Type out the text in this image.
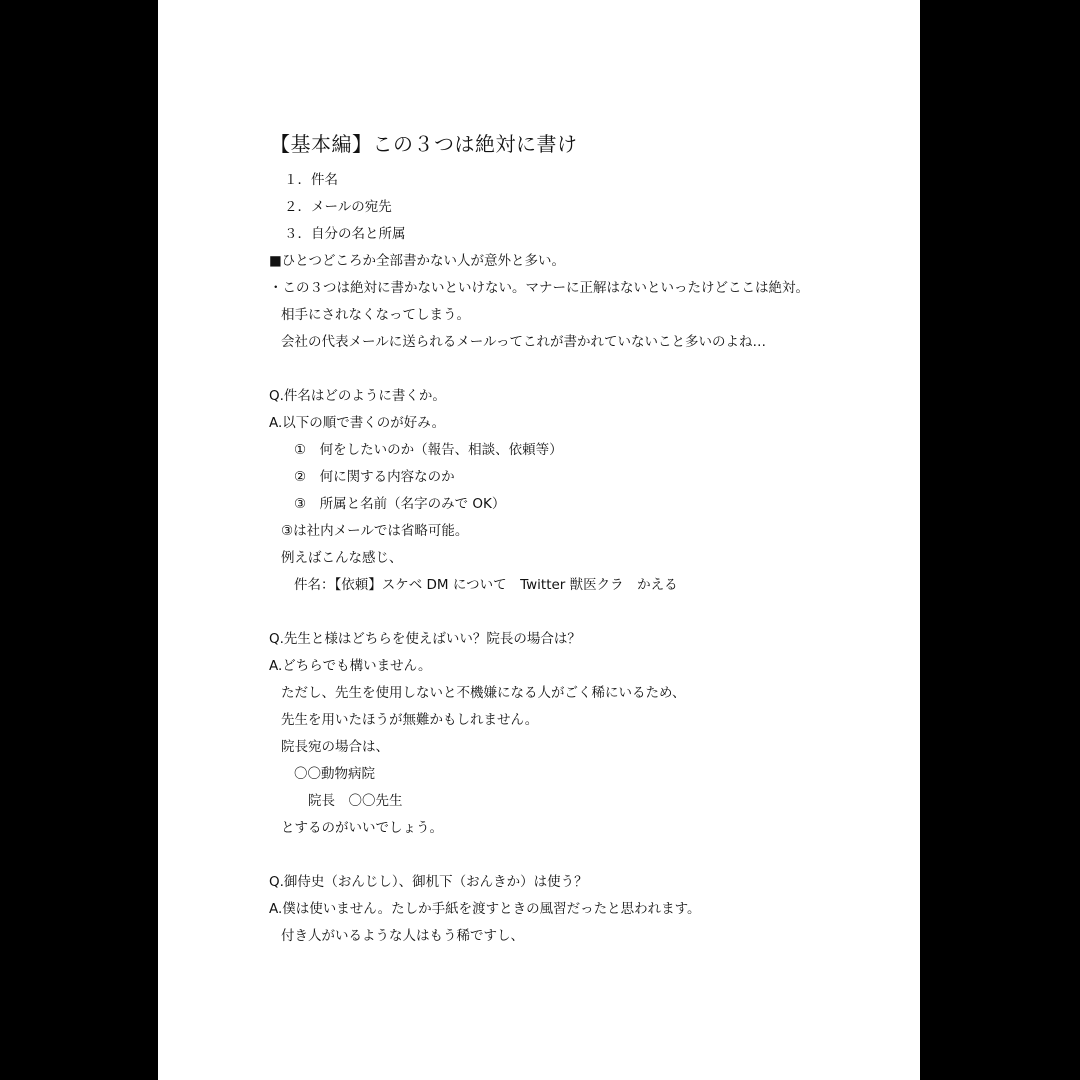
【基本編】この３つは絶対に書け
１．件名
２．メールの宛先
３．自分の名と所属
■ひとつどころか全部書かない人が意外と多い。
・この３つは絶対に書かないといけない。マナーに正解はないといったけどここは絶対。
相手にされなくなってしまう。
会社の代表メールに送られるメールってこれが書かれていないこと多いのよね…
Q.件名はどのように書くか。
A.以下の順で書くのが好み。
①　何をしたいのか（報告、相談、依頼等）
②　何に関する内容なのか
③　所属と名前（名字のみで OK）
③は社内メールでは省略可能。
例えばこんな感じ、
件名：【依頼】スケベ DM について　Twitter 獣医クラ　かえる
Q.先生と様はどちらを使えばいい？院長の場合は？
A.どちらでも構いません。
ただし、先生を使用しないと不機嫌になる人がごく稀にいるため、
先生を用いたほうが無難かもしれません。
院長宛の場合は、
〇〇動物病院
院長　〇〇先生
とするのがいいでしょう。
Q.御侍史（おんじし）、御机下（おんきか）は使う？
A.僕は使いません。たしか手紙を渡すときの風習だったと思われます。
付き人がいるような人はもう稀ですし、
